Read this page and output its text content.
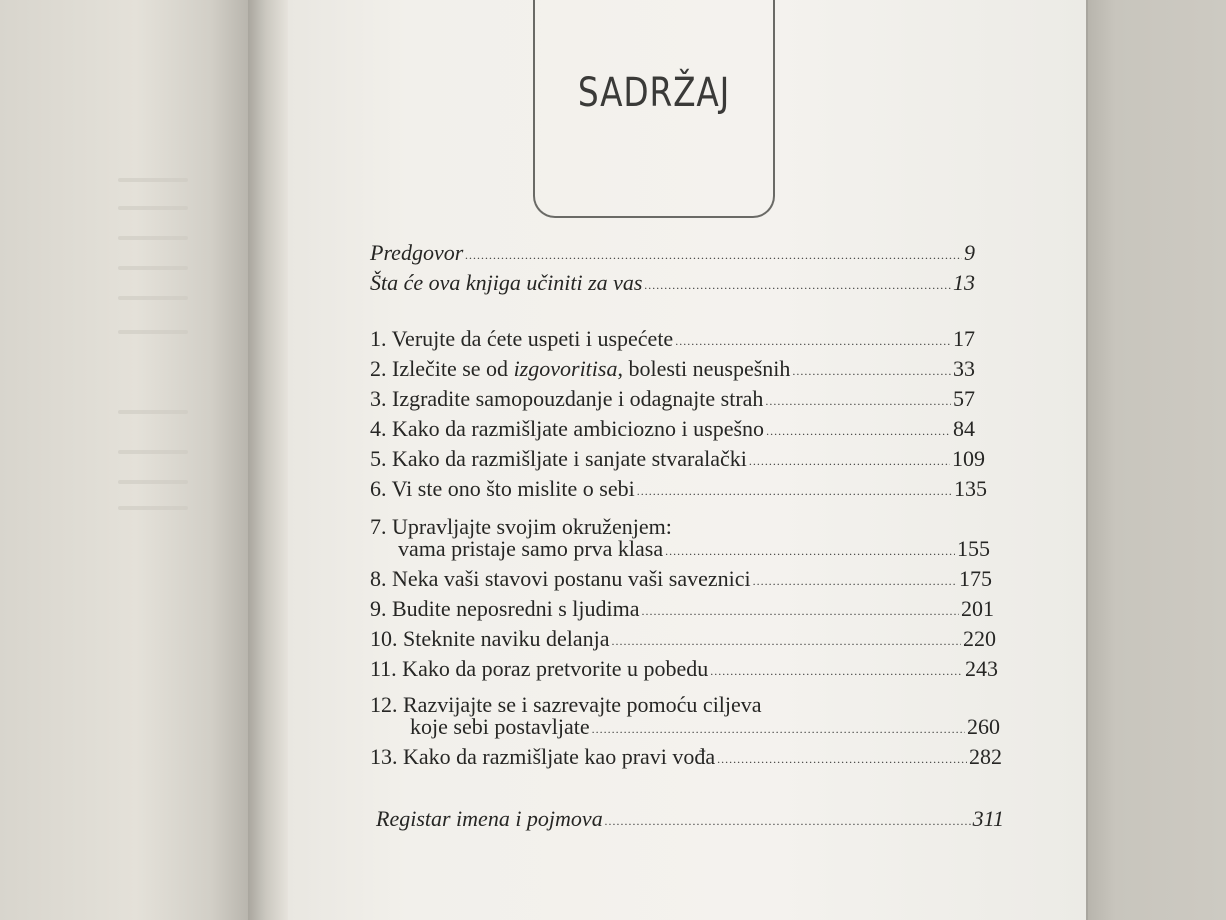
SADRŽAJ
Predgovor .....	9
Šta će ova knjiga učiniti za vas .....	13
1. Verujte da ćete uspeti i uspećete .....	17
2. Izlečite se od izgovoritisa, bolesti neuspešnih .....	33
3. Izgradite samopouzdanje i odagnajte strah .....	57
4. Kako da razmišljate ambiciozno i uspešno .....	84
5. Kako da razmišljate i sanjate stvaralački .....	109
6. Vi ste ono što mislite o sebi .....	135
7. Upravljajte svojim okruženjem:
vama pristaje samo prva klasa .....	155
8. Neka vaši stavovi postanu vaši saveznici .....	175
9. Budite neposredni s ljudima .....	201
10. Steknite naviku delanja .....	220
11. Kako da poraz pretvorite u pobedu .....	243
12. Razvijajte se i sazrevajte pomoću ciljeva
koje sebi postavljate .....	260
13. Kako da razmišljate kao pravi vođa .....	282
Registar imena i pojmova .....	311
